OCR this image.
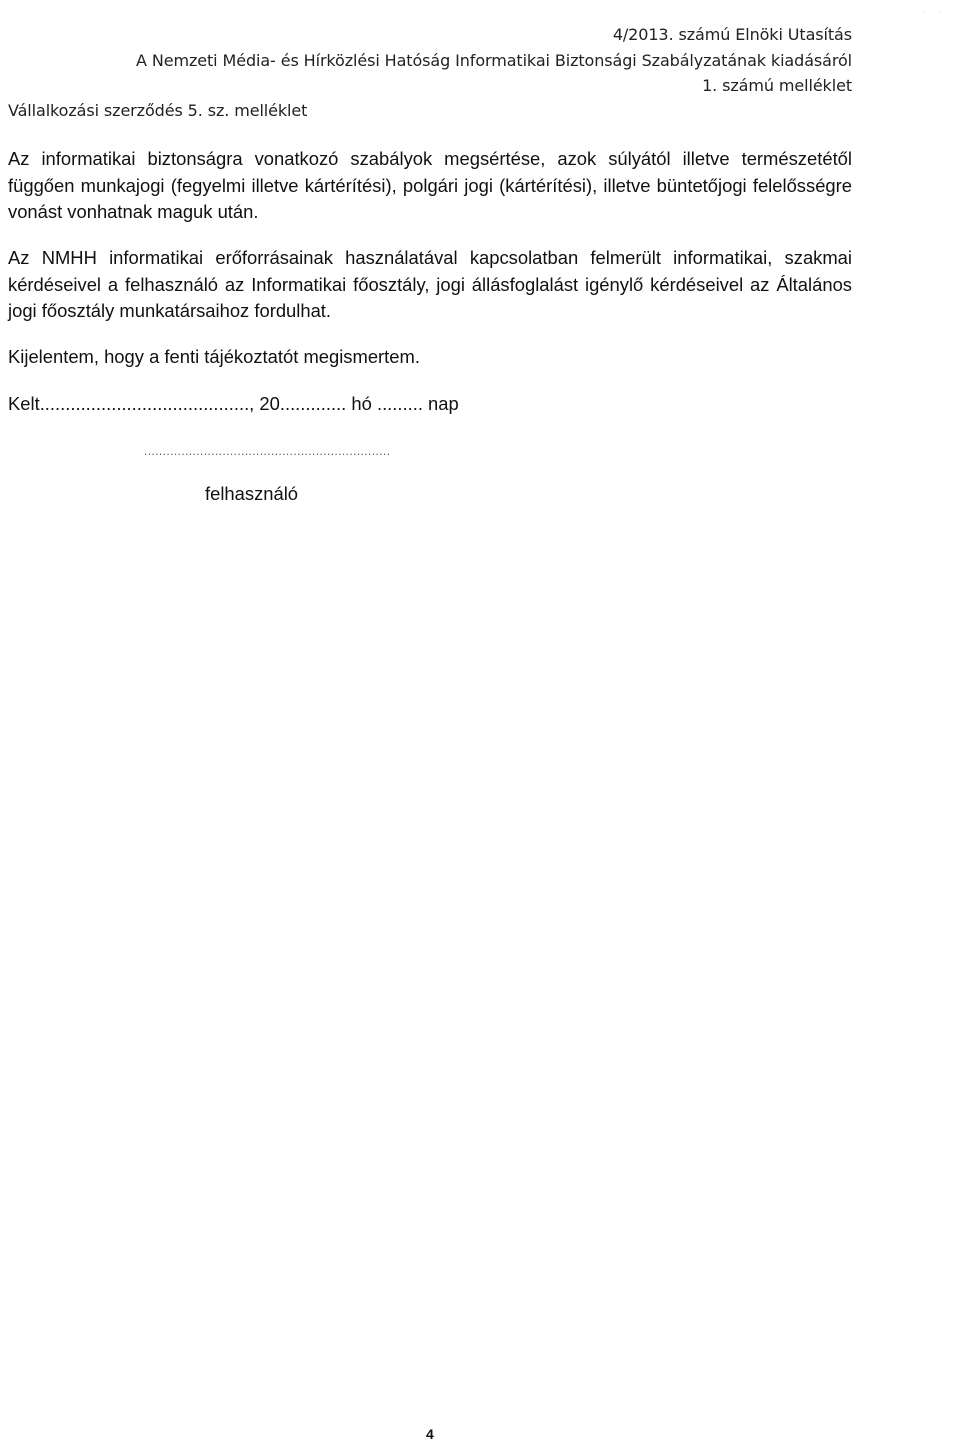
· ·
4/2013. számú Elnöki Utasítás
A Nemzeti Média- és Hírközlési Hatóság Informatikai Biztonsági Szabályzatának kiadásáról
1. számú melléklet
Vállalkozási szerződés 5. sz. melléklet

Az informatikai biztonságra vonatkozó szabályok megsértése, azok súlyától illetve természetétől függően munkajogi (fegyelmi illetve kártérítési), polgári jogi (kártérítési), illetve büntetőjogi felelősségre vonást vonhatnak maguk után.

Az NMHH informatikai erőforrásainak használatával kapcsolatban felmerült informatikai, szakmai kérdéseivel a felhasználó az Informatikai főosztály, jogi állásfoglalást igénylő kérdéseivel az Általános jogi főosztály munkatársaihoz fordulhat.

Kijelentem, hogy a fenti tájékoztatót megismertem.

Kelt........................................., 20............. hó ......... nap
..................................................................
felhasználó
4
